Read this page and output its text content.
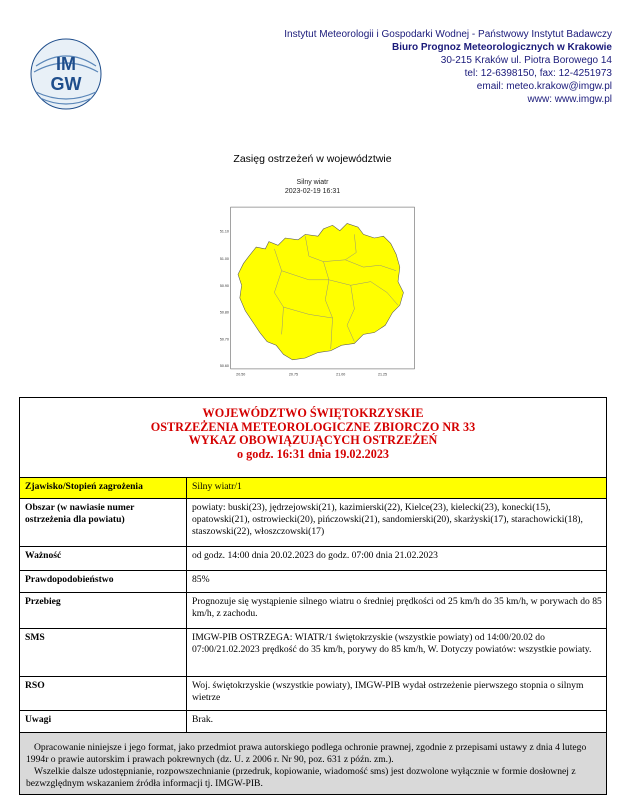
IM
GW
Instytut Meteorologii i Gospodarki Wodnej - Państwowy Instytut Badawczy
Biuro Prognoz Meteorologicznych w Krakowie
30-215 Kraków ul. Piotra Borowego 14
tel: 12-6398150, fax: 12-4251973
email: meteo.krakow@imgw.pl
www: www.imgw.pl
Zasięg ostrzeżeń w województwie
Silny wiatr
2023-02-19 16:31
51.10
51.00
50.90
50.80
50.70
50.60
20.50	20.75	21.00	21.25
WOJEWÓDZTWO ŚWIĘTOKRZYSKIE
OSTRZEŻENIA METEOROLOGICZNE ZBIORCZO NR 33
WYKAZ OBOWIĄZUJĄCYCH OSTRZEŻEŃ
o godz. 16:31 dnia 19.02.2023
Zjawisko/Stopień zagrożenia	Silny wiatr/1
Obszar (w nawiasie numer ostrzeżenia dla powiatu)	powiaty: buski(23), jędrzejowski(21), kazimierski(22), Kielce(23), kielecki(23), konecki(15), opatowski(21), ostrowiecki(20), pińczowski(21), sandomierski(20), skarżyski(17), starachowicki(18), staszowski(22), włoszczowski(17)
Ważność	od godz. 14:00 dnia 20.02.2023 do godz. 07:00 dnia 21.02.2023
Prawdopodobieństwo	85%
Przebieg	Prognozuje się wystąpienie silnego wiatru o średniej prędkości od 25 km/h do 35 km/h, w porywach do 85 km/h, z zachodu.
SMS	IMGW-PIB OSTRZEGA: WIATR/1 świętokrzyskie (wszystkie powiaty) od 14:00/20.02 do 07:00/21.02.2023 prędkość do 35 km/h, porywy do 85 km/h, W. Dotyczy powiatów: wszystkie powiaty.
RSO	Woj. świętokrzyskie (wszystkie powiaty), IMGW-PIB wydał ostrzeżenie pierwszego stopnia o silnym wietrze
Uwagi	Brak.
Opracowanie niniejsze i jego format, jako przedmiot prawa autorskiego podlega ochronie prawnej, zgodnie z przepisami ustawy z dnia 4 lutego 1994r o prawie autorskim i prawach pokrewnych (dz. U. z 2006 r. Nr 90, poz. 631 z późn. zm.).
Wszelkie dalsze udostępnianie, rozpowszechnianie (przedruk, kopiowanie, wiadomość sms) jest dozwolone wyłącznie w formie dosłownej z bezwzględnym wskazaniem źródła informacji tj. IMGW-PIB.
